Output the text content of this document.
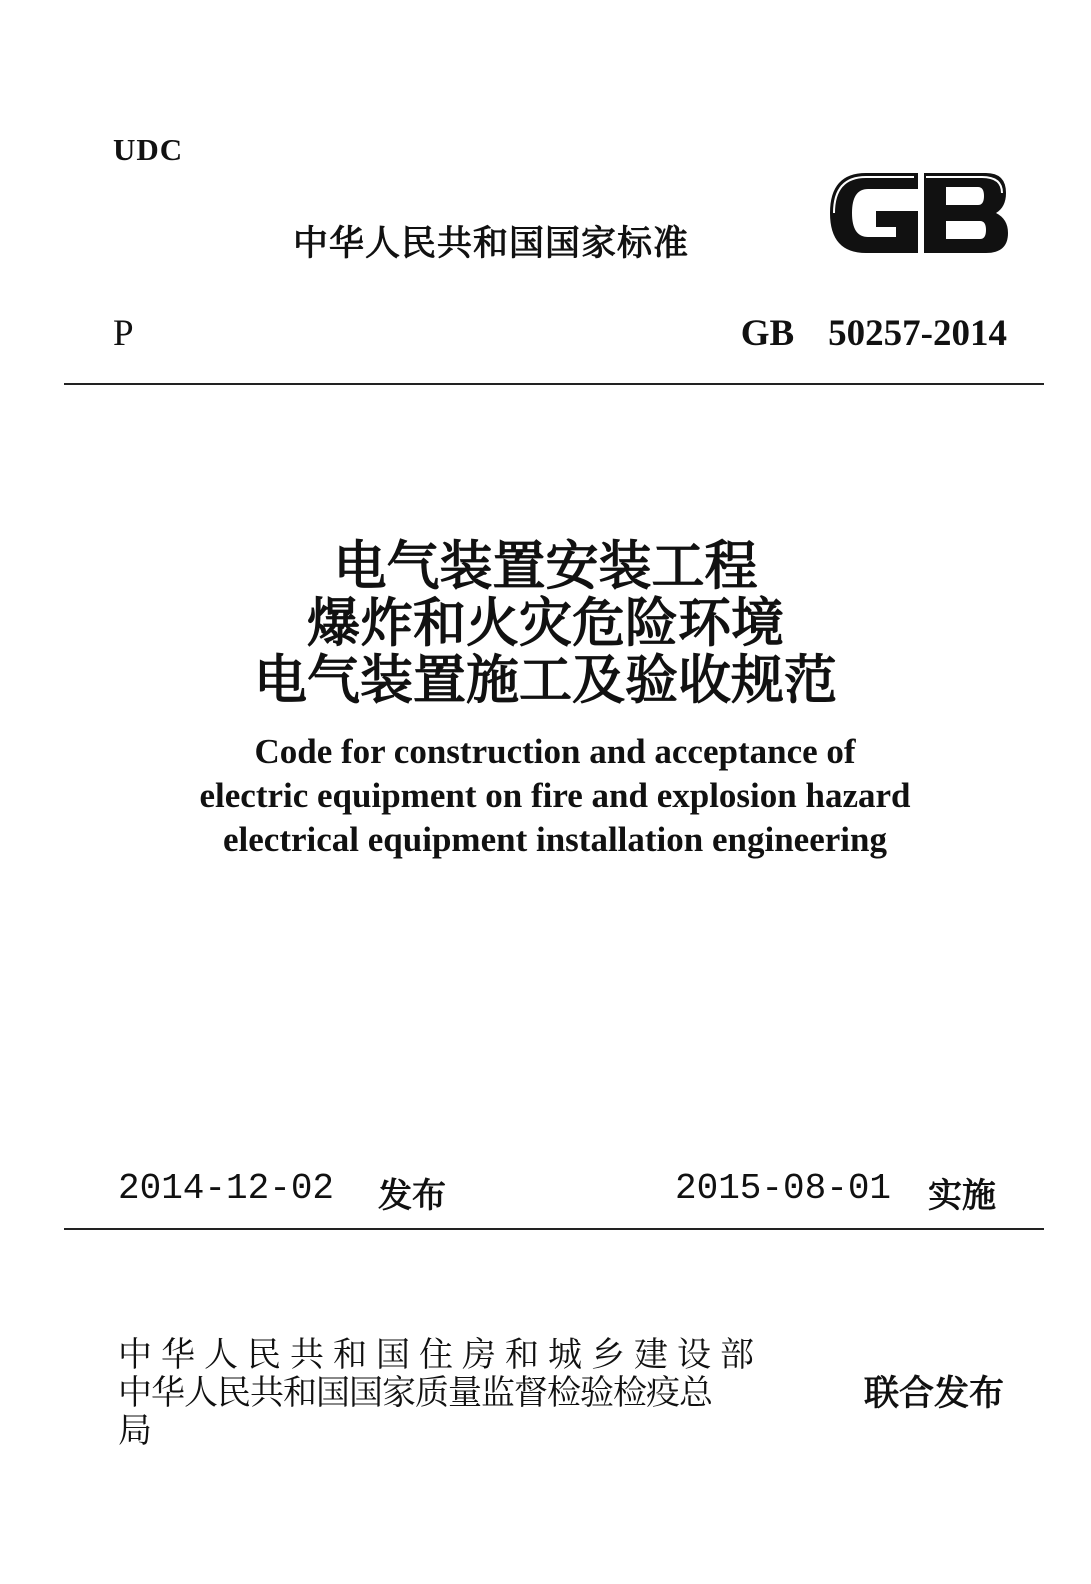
UDC
中华人民共和国国家标准
P	GB 50257-2014
电气装置安装工程
爆炸和火灾危险环境
电气装置施工及验收规范
Code for construction and acceptance of
electric equipment on fire and explosion hazard
electrical equipment installation engineering
2014-12-02 发布	2015-08-01 实施
中华人民共和国住房和城乡建设部
中华人民共和国国家质量监督检验检疫总
局
联合发布
